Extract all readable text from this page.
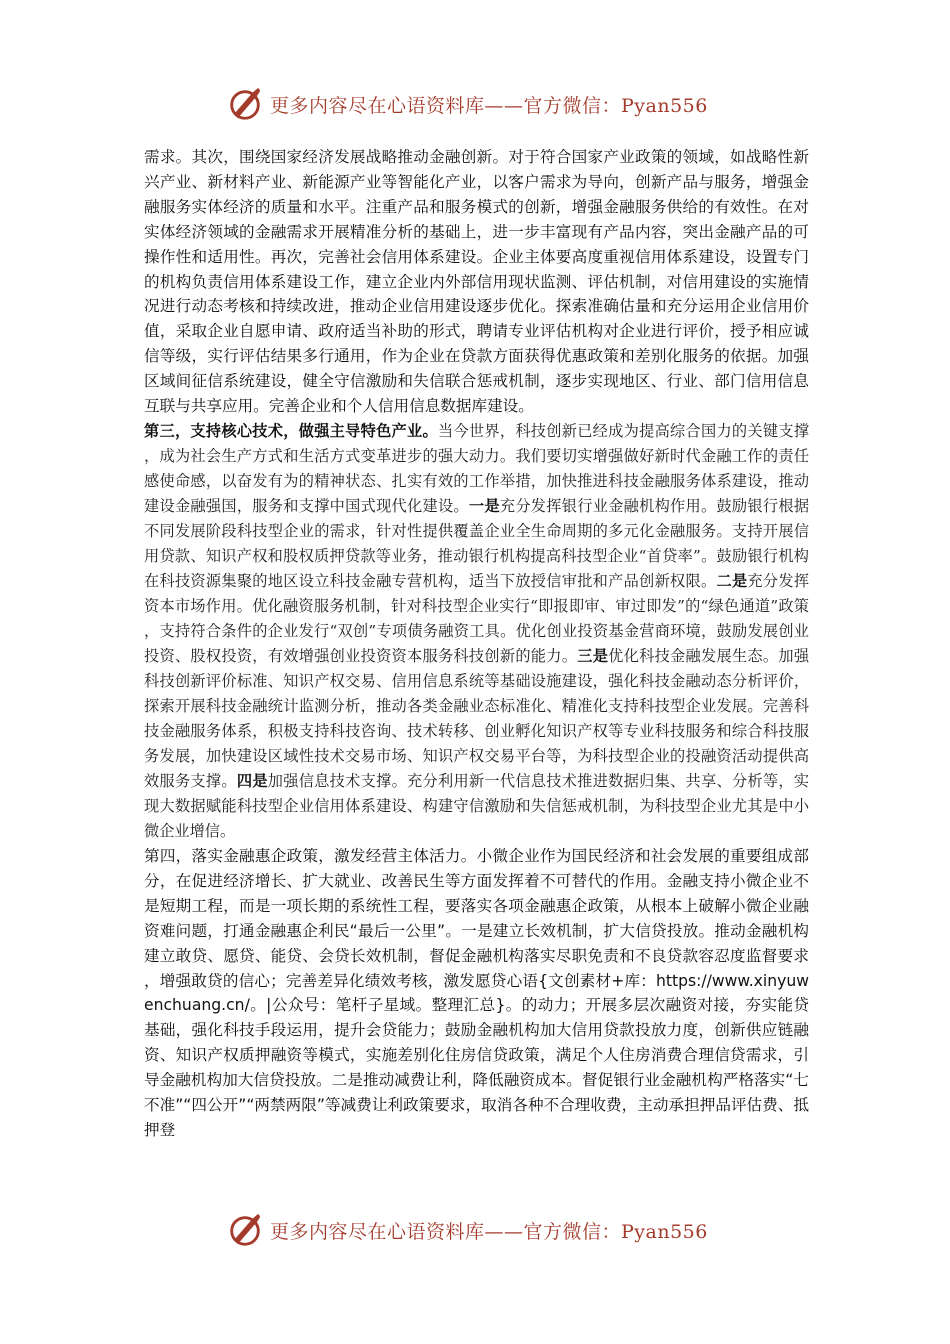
更多内容尽在心语资料库——官方微信：Pyan556

需求。其次，围绕国家经济发展战略推动金融创新。对于符合国家产业政策的领域，如战略性新兴产业、新材料产业、新能源产业等智能化产业，以客户需求为导向，创新产品与服务，增强金融服务实体经济的质量和水平。注重产品和服务模式的创新，增强金融服务供给的有效性。在对实体经济领域的金融需求开展精准分析的基础上，进一步丰富现有产品内容，突出金融产品的可操作性和适用性。再次，完善社会信用体系建设。企业主体要高度重视信用体系建设，设置专门的机构负责信用体系建设工作，建立企业内外部信用现状监测、评估机制，对信用建设的实施情况进行动态考核和持续改进，推动企业信用建设逐步优化。探索准确估量和充分运用企业信用价值，采取企业自愿申请、政府适当补助的形式，聘请专业评估机构对企业进行评价，授予相应诚信等级，实行评估结果多行通用，作为企业在贷款方面获得优惠政策和差别化服务的依据。加强区域间征信系统建设，健全守信激励和失信联合惩戒机制，逐步实现地区、行业、部门信用信息互联与共享应用。完善企业和个人信用信息数据库建设。

第三，支持核心技术，做强主导特色产业。当今世界，科技创新已经成为提高综合国力的关键支撑，成为社会生产方式和生活方式变革进步的强大动力。我们要切实增强做好新时代金融工作的责任感使命感，以奋发有为的精神状态、扎实有效的工作举措，加快推进科技金融服务体系建设，推动建设金融强国，服务和支撑中国式现代化建设。一是充分发挥银行业金融机构作用。鼓励银行根据不同发展阶段科技型企业的需求，针对性提供覆盖企业全生命周期的多元化金融服务。支持开展信用贷款、知识产权和股权质押贷款等业务，推动银行机构提高科技型企业“首贷率”。鼓励银行机构在科技资源集聚的地区设立科技金融专营机构，适当下放授信审批和产品创新权限。二是充分发挥资本市场作用。优化融资服务机制，针对科技型企业实行“即报即审、审过即发”的“绿色通道”政策，支持符合条件的企业发行“双创”专项债务融资工具。优化创业投资基金营商环境，鼓励发展创业投资、股权投资，有效增强创业投资资本服务科技创新的能力。三是优化科技金融发展生态。加强科技创新评价标准、知识产权交易、信用信息系统等基础设施建设，强化科技金融动态分析评价，探索开展科技金融统计监测分析，推动各类金融业态标准化、精准化支持科技型企业发展。完善科技金融服务体系，积极支持科技咨询、技术转移、创业孵化知识产权等专业科技服务和综合科技服务发展，加快建设区域性技术交易市场、知识产权交易平台等，为科技型企业的投融资活动提供高效服务支撑。四是加强信息技术支撑。充分利用新一代信息技术推进数据归集、共享、分析等，实现大数据赋能科技型企业信用体系建设、构建守信激励和失信惩戒机制，为科技型企业尤其是中小微企业增信。

第四，落实金融惠企政策，激发经营主体活力。小微企业作为国民经济和社会发展的重要组成部分，在促进经济增长、扩大就业、改善民生等方面发挥着不可替代的作用。金融支持小微企业不是短期工程，而是一项长期的系统性工程，要落实各项金融惠企政策，从根本上破解小微企业融资难问题，打通金融惠企利民“最后一公里”。一是建立长效机制，扩大信贷投放。推动金融机构建立敢贷、愿贷、能贷、会贷长效机制，督促金融机构落实尽职免责和不良贷款容忍度监督要求，增强敢贷的信心；完善差异化绩效考核，激发愿贷心语{文创素材+库：https://www.xinyuwenchuang.cn/。|公众号：笔杆子星域。整理汇总}。的动力；开展多层次融资对接，夯实能贷基础，强化科技手段运用，提升会贷能力；鼓励金融机构加大信用贷款投放力度，创新供应链融资、知识产权质押融资等模式，实施差别化住房信贷政策，满足个人住房消费合理信贷需求，引导金融机构加大信贷投放。二是推动减费让利，降低融资成本。督促银行业金融机构严格落实“七不准”“四公开”“两禁两限”等减费让利政策要求，取消各种不合理收费，主动承担押品评估费、抵押登

更多内容尽在心语资料库——官方微信：Pyan556
